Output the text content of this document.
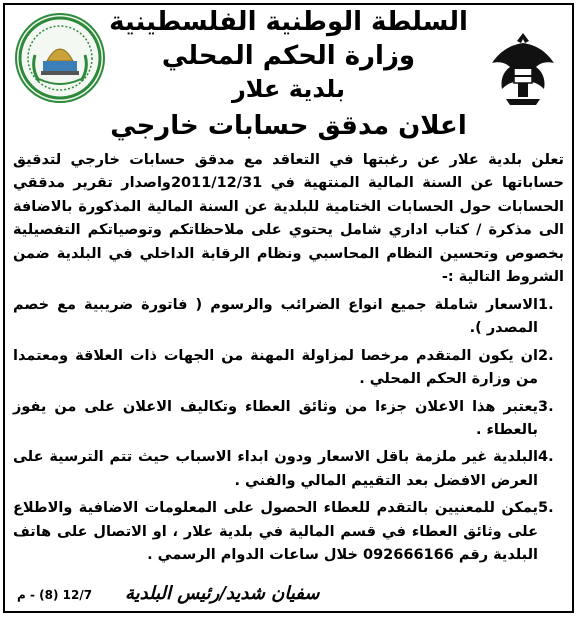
السلطة الوطنية الفلسطينية
وزارة الحكم المحلي
بلدية علار
اعلان مدقق حسابات خارجي
تعلن بلدية علار عن رغبتها في التعاقد مع مدقق حسابات خارجي لتدقيق حساباتها عن السنة المالية المنتهية في 2011/12/31واصدار تقرير مدققي الحسابات حول الحسابات الختامية للبلدية عن السنة المالية المذكورة بالاضافة الى مذكرة / كتاب اداري شامل يحتوي على ملاحظاتكم وتوصياتكم التفصيلية بخصوص وتحسين النظام المحاسبي ونظام الرقابة الداخلي في البلدية ضمن الشروط التالية :-
1.
الاسعار شاملة جميع انواع الضرائب والرسوم ( فاتورة ضريبية مع خصم المصدر ).
2.
ان يكون المتقدم مرخصا لمزاولة المهنة من الجهات ذات العلاقة ومعتمدا من وزارة الحكم المحلي .
3.
يعتبر هذا الاعلان جزءا من وثائق العطاء وتكاليف الاعلان على من يفوز بالعطاء .
4.
البلدية غير ملزمة باقل الاسعار ودون ابداء الاسباب حيث تتم الترسية على العرض الافضل بعد التقييم المالي والفني .
5.
يمكن للمعنيين بالتقدم للعطاء الحصول على المعلومات الاضافية والاطلاع على وثائق العطاء في قسم المالية في بلدية علار ، او الاتصال على هاتف البلدية رقم 092666166 خلال ساعات الدوام الرسمي .
12/7 (8) - م سفيان شديد/رئيس البلدية
